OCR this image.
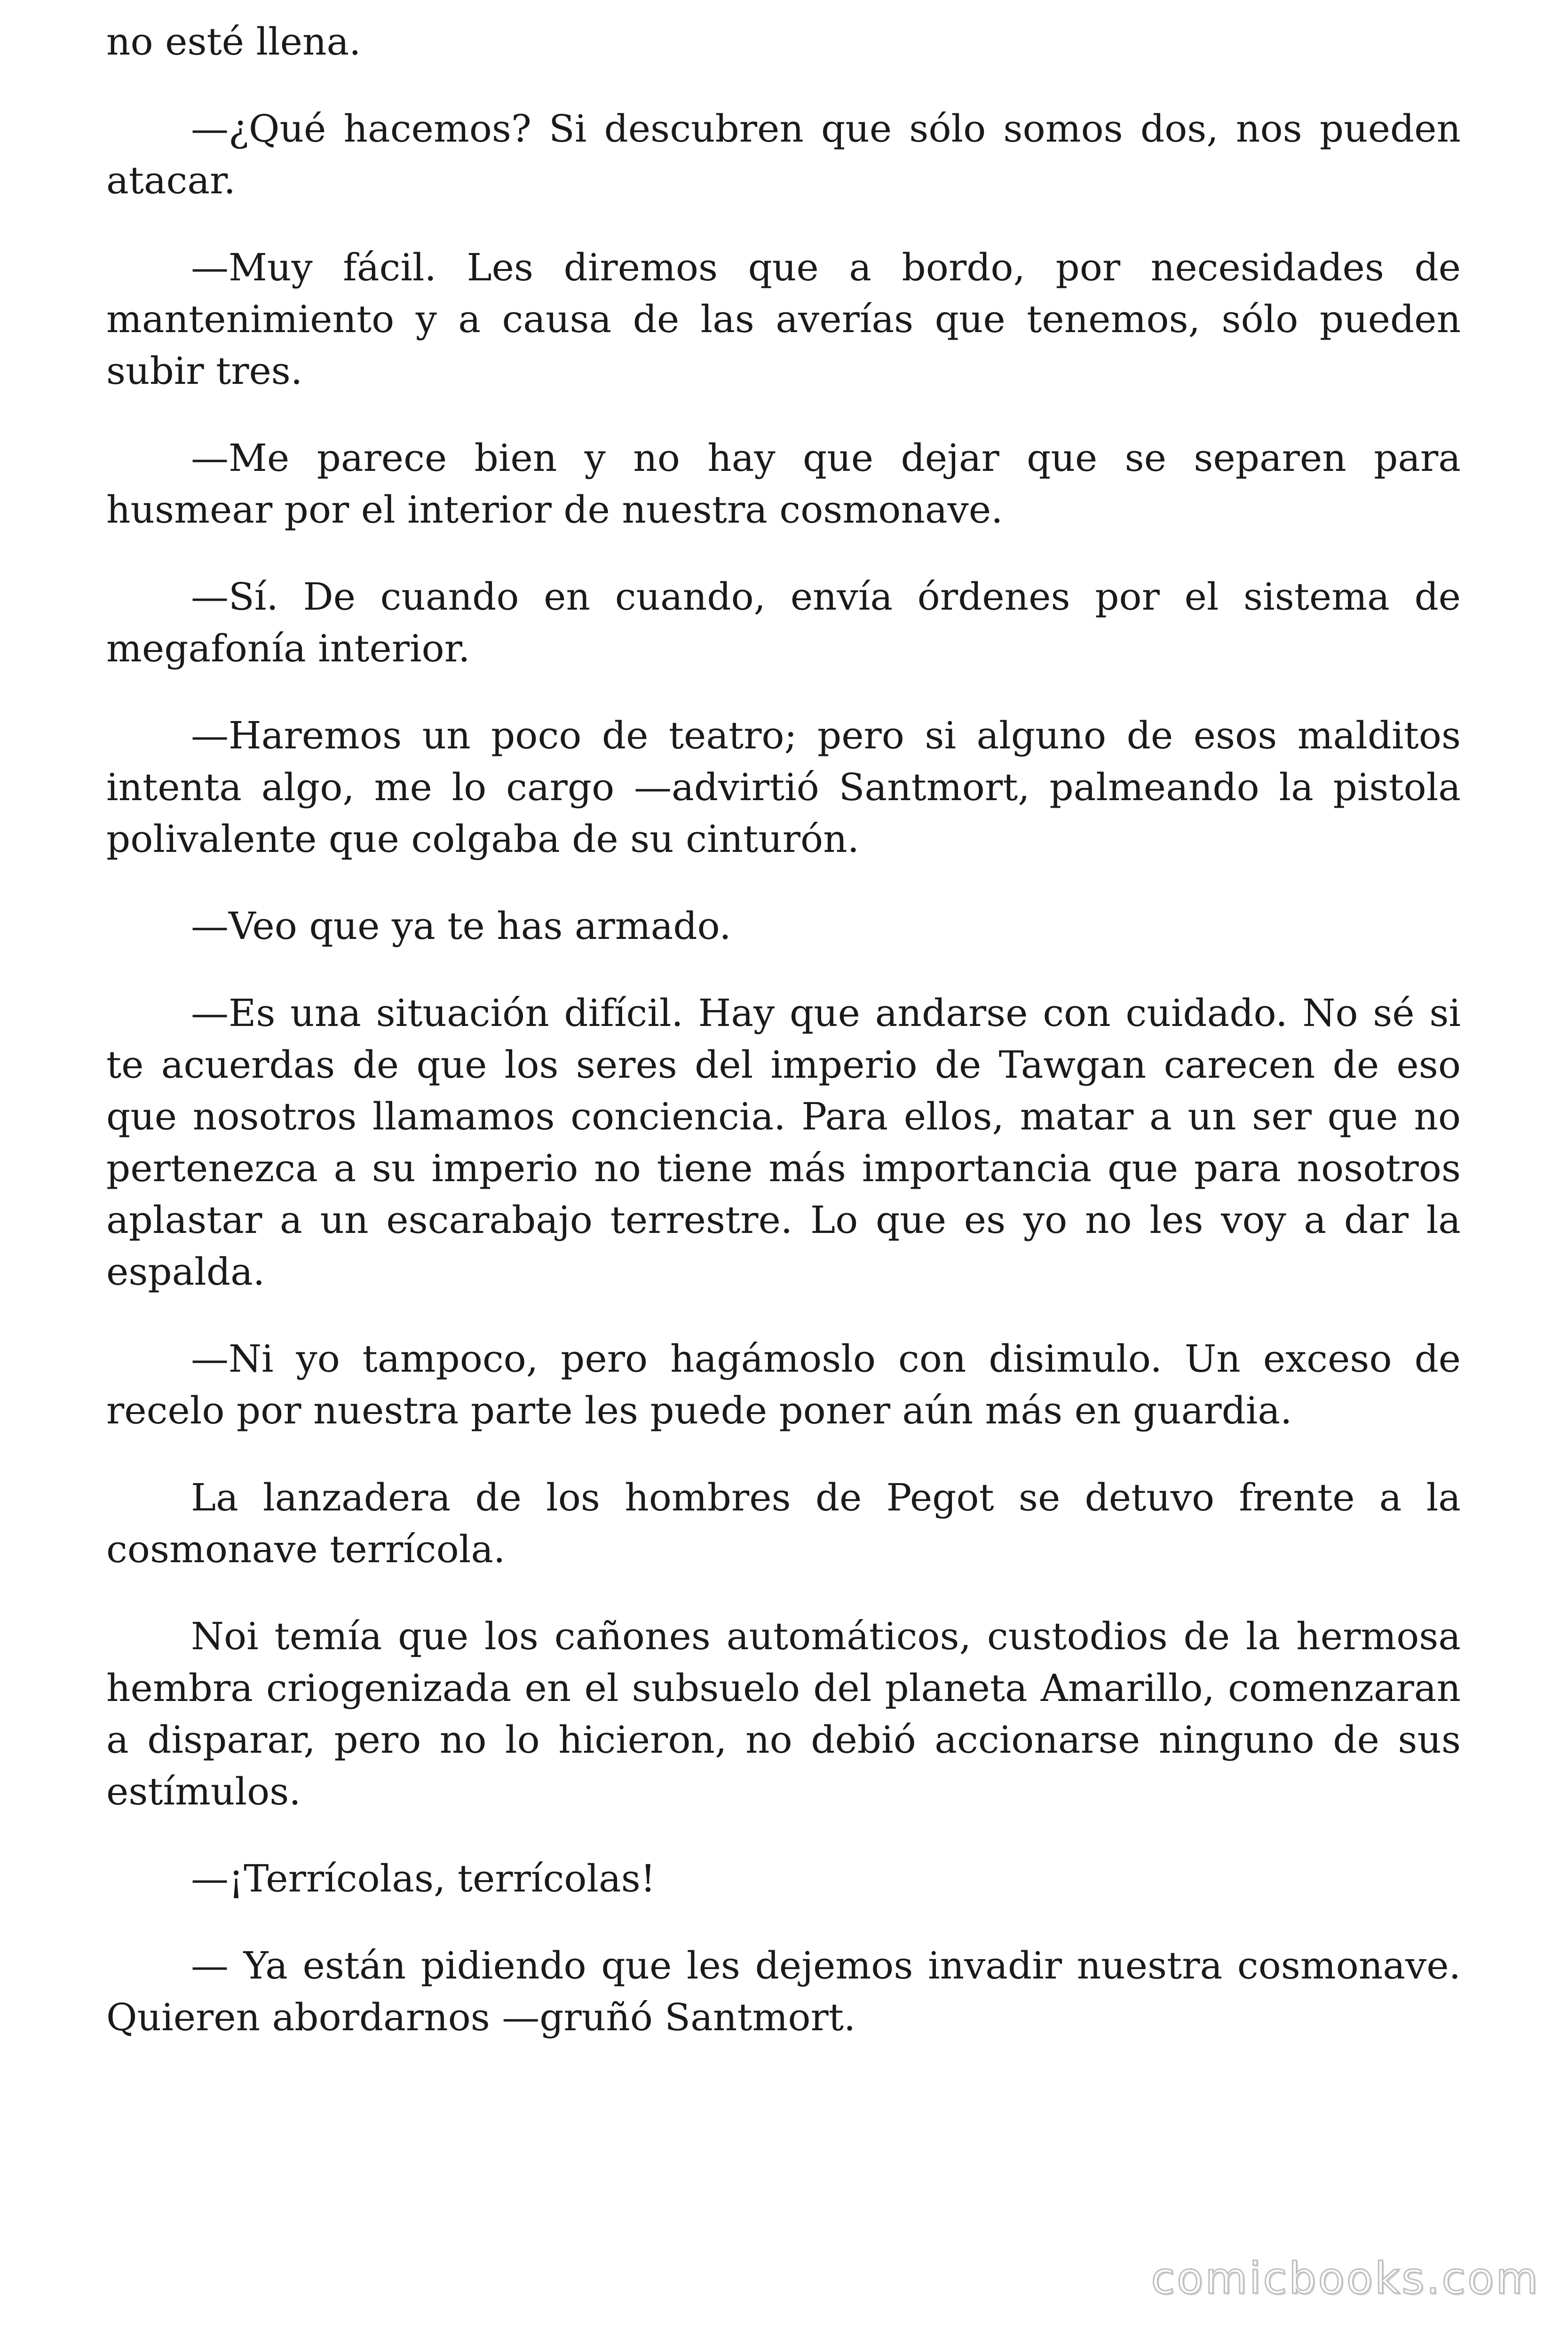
no esté llena.

—¿Qué hacemos? Si descubren que sólo somos dos, nos pueden atacar.

—Muy fácil. Les diremos que a bordo, por necesidades de mantenimiento y a causa de las averías que tenemos, sólo pueden subir tres.

—Me parece bien y no hay que dejar que se separen para husmear por el interior de nuestra cosmonave.

—Sí. De cuando en cuando, envía órdenes por el sistema de megafonía interior.

—Haremos un poco de teatro; pero si alguno de esos malditos intenta algo, me lo cargo —advirtió Santmort, palmeando la pistola polivalente que colgaba de su cinturón.

—Veo que ya te has armado.

—Es una situación difícil. Hay que andarse con cuidado. No sé si te acuerdas de que los seres del imperio de Tawgan carecen de eso que nosotros llamamos conciencia. Para ellos, matar a un ser que no pertenezca a su imperio no tiene más importancia que para nosotros aplastar a un escarabajo terrestre. Lo que es yo no les voy a dar la espalda.

—Ni yo tampoco, pero hagámoslo con disimulo. Un exceso de recelo por nuestra parte les puede poner aún más en guardia.

La lanzadera de los hombres de Pegot se detuvo frente a la cosmonave terrícola.

Noi temía que los cañones automáticos, custodios de la hermosa hembra criogenizada en el subsuelo del planeta Amarillo, comenzaran a disparar, pero no lo hicieron, no debió accionarse ninguno de sus estímulos.

—¡Terrícolas, terrícolas!

— Ya están pidiendo que les dejemos invadir nuestra cosmonave. Quieren abordarnos —gruñó Santmort.

comicbooks.com
